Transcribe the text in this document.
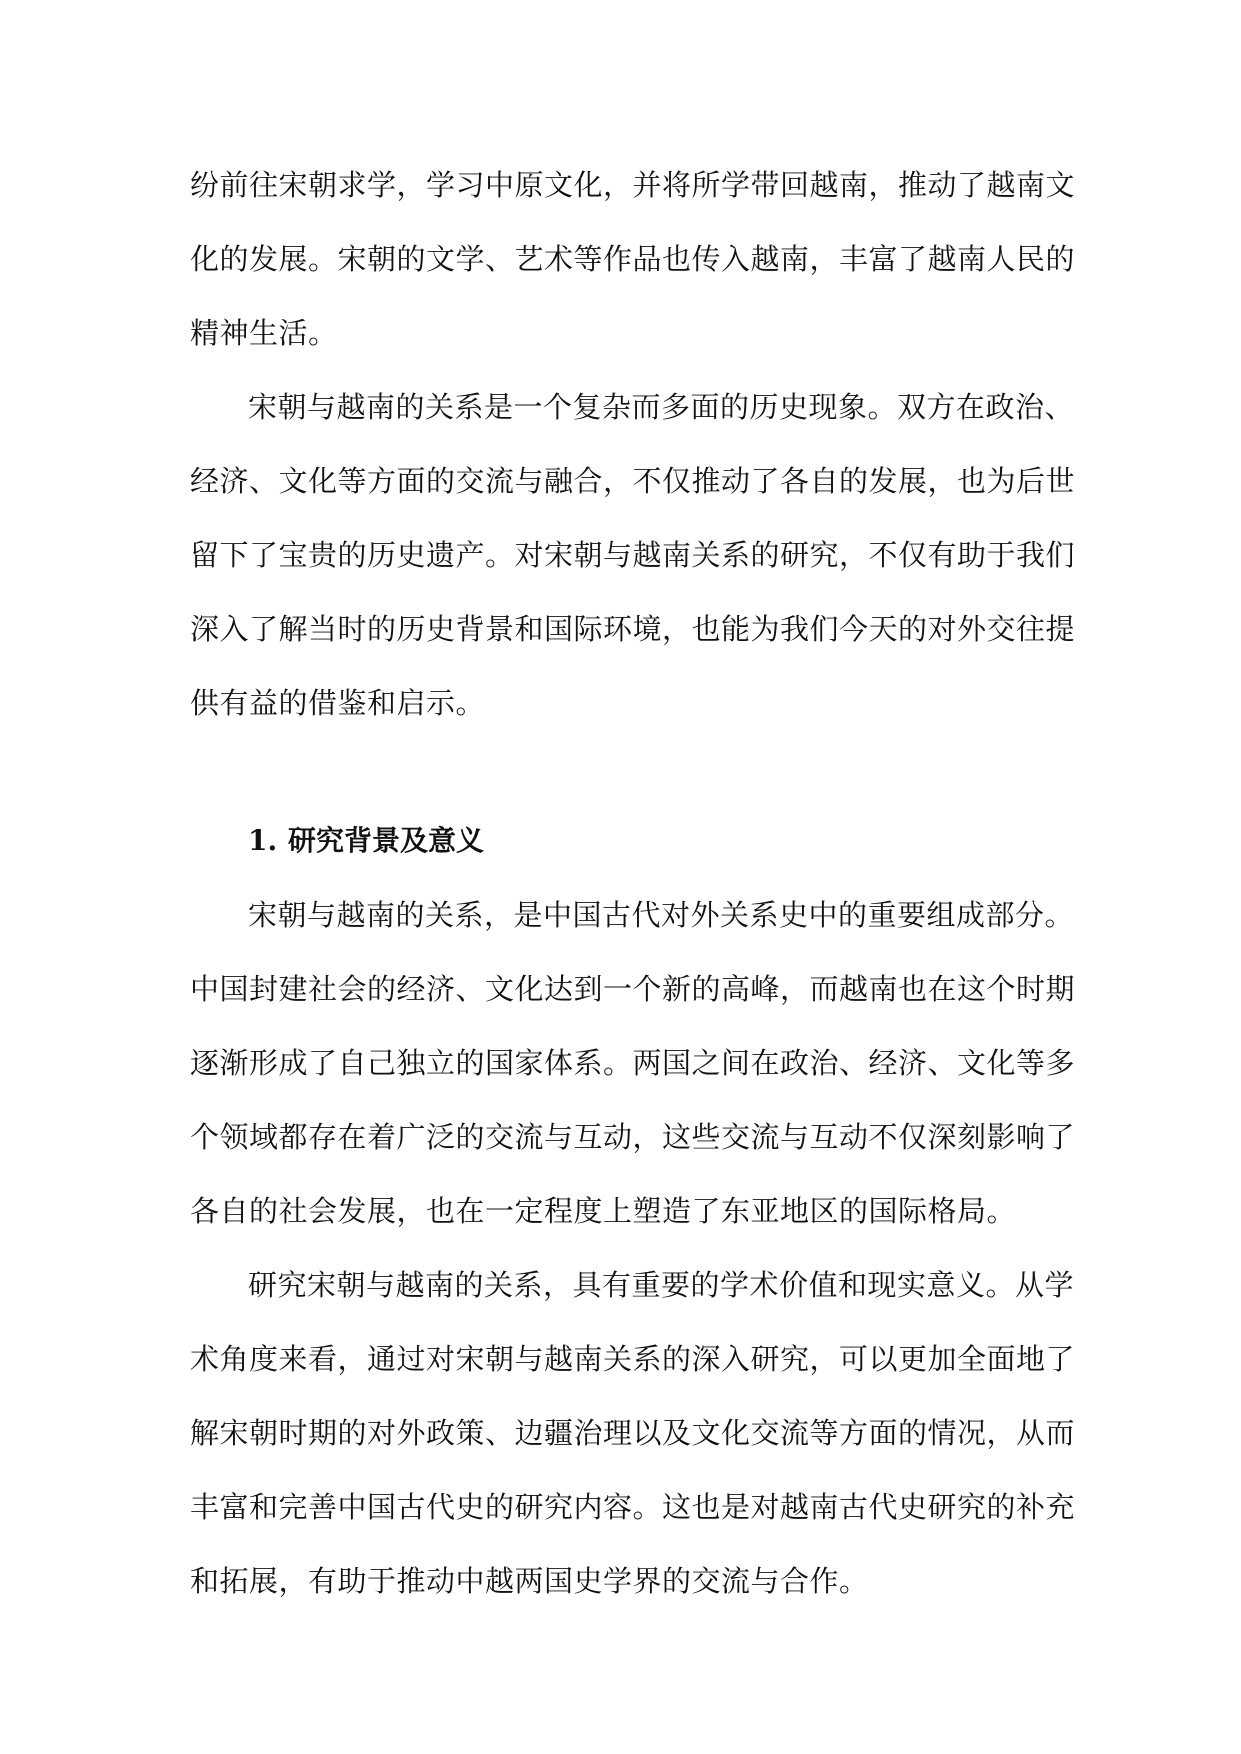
纷前往宋朝求学，学习中原文化，并将所学带回越南，推动了越南文
化的发展。宋朝的文学、艺术等作品也传入越南，丰富了越南人民的
精神生活。
宋朝与越南的关系是一个复杂而多面的历史现象。双方在政治、
经济、文化等方面的交流与融合，不仅推动了各自的发展，也为后世
留下了宝贵的历史遗产。对宋朝与越南关系的研究，不仅有助于我们
深入了解当时的历史背景和国际环境，也能为我们今天的对外交往提
供有益的借鉴和启示。
1. 研究背景及意义
宋朝与越南的关系，是中国古代对外关系史中的重要组成部分。
中国封建社会的经济、文化达到一个新的高峰，而越南也在这个时期
逐渐形成了自己独立的国家体系。两国之间在政治、经济、文化等多
个领域都存在着广泛的交流与互动，这些交流与互动不仅深刻影响了
各自的社会发展，也在一定程度上塑造了东亚地区的国际格局。
研究宋朝与越南的关系，具有重要的学术价值和现实意义。从学
术角度来看，通过对宋朝与越南关系的深入研究，可以更加全面地了
解宋朝时期的对外政策、边疆治理以及文化交流等方面的情况，从而
丰富和完善中国古代史的研究内容。这也是对越南古代史研究的补充
和拓展，有助于推动中越两国史学界的交流与合作。
